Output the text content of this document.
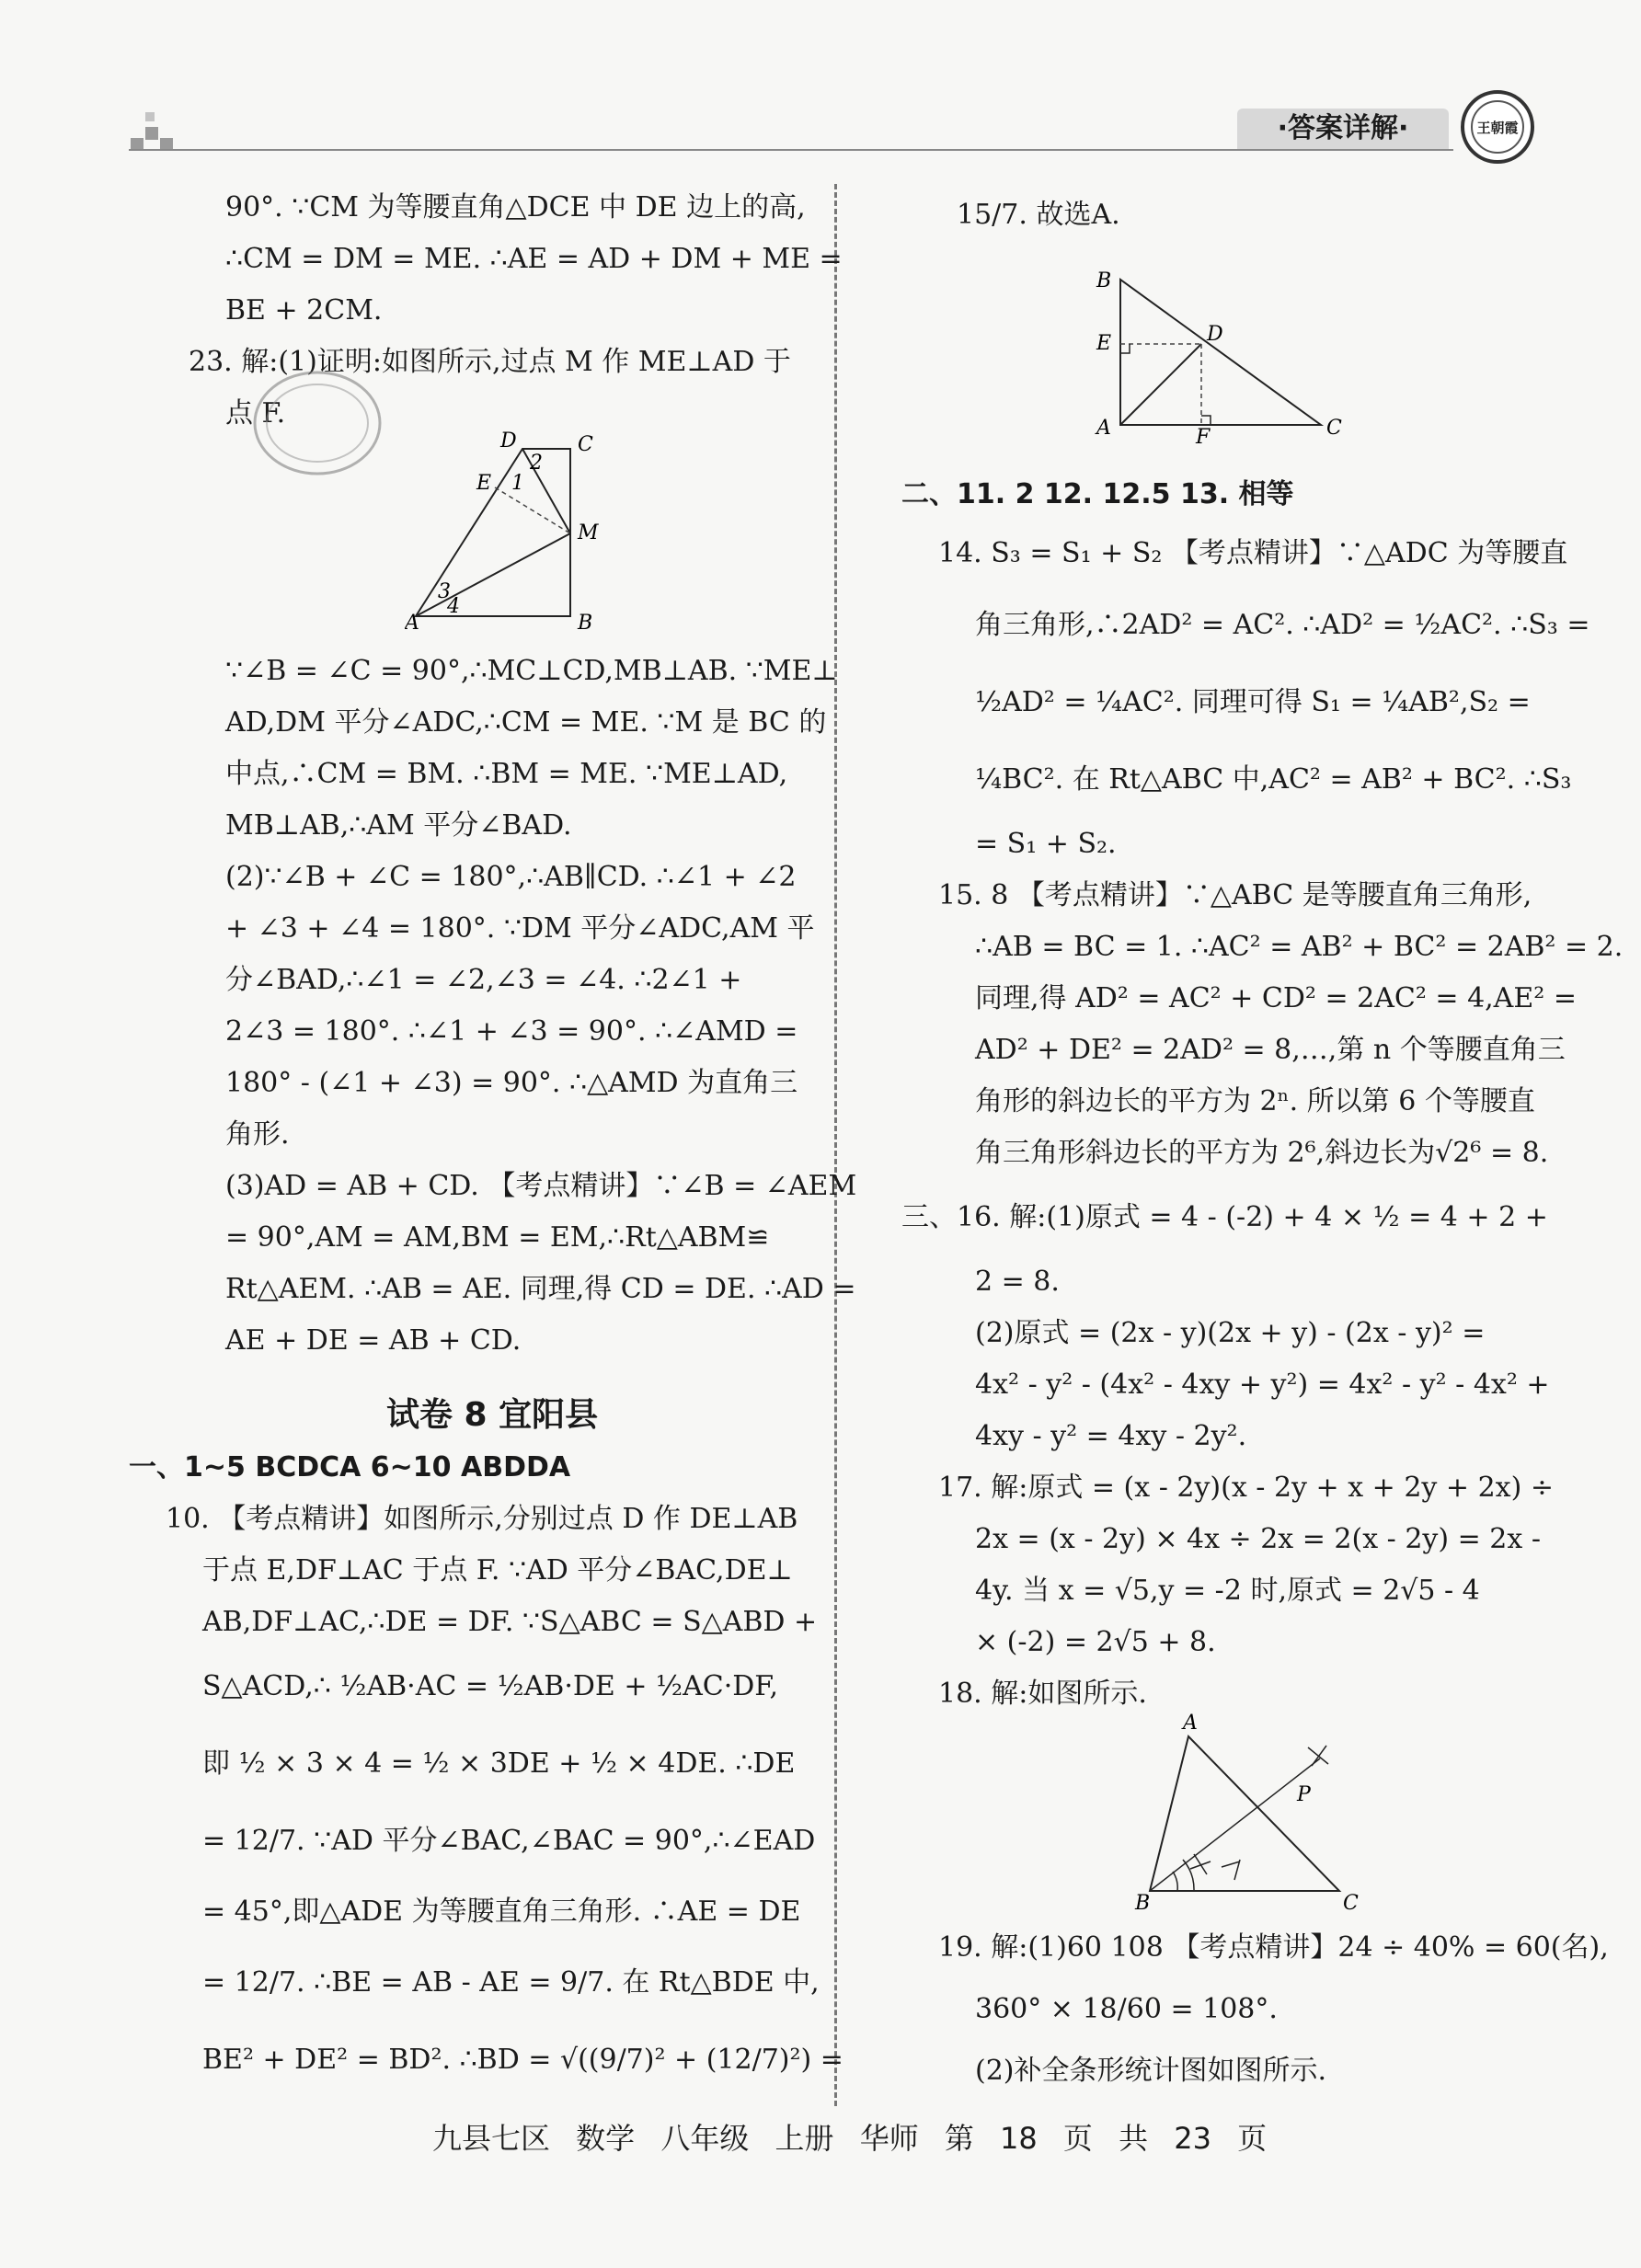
·答案详解·	王朝霞

90°. ∵CM 为等腰直角△DCE 中 DE 边上的高,

∴CM = DM = ME. ∴AE = AD + DM + ME =

BE + 2CM.

23. 解:(1)证明:如图所示,过点 M 作 ME⊥AD 于

点 F.

D	C
E
2
1
M
A	B
3
4

∵∠B = ∠C = 90°,∴MC⊥CD,MB⊥AB. ∵ME⊥

AD,DM 平分∠ADC,∴CM = ME. ∵M 是 BC 的

中点,∴CM = BM. ∴BM = ME. ∵ME⊥AD,

MB⊥AB,∴AM 平分∠BAD.

(2)∵∠B + ∠C = 180°,∴AB∥CD. ∴∠1 + ∠2

+ ∠3 + ∠4 = 180°. ∵DM 平分∠ADC,AM 平

分∠BAD,∴∠1 = ∠2,∠3 = ∠4. ∴2∠1 +

2∠3 = 180°. ∴∠1 + ∠3 = 90°. ∴∠AMD =

180° - (∠1 + ∠3) = 90°. ∴△AMD 为直角三

角形.

(3)AD = AB + CD. 【考点精讲】∵∠B = ∠AEM

= 90°,AM = AM,BM = EM,∴Rt△ABM≌

Rt△AEM. ∴AB = AE. 同理,得 CD = DE. ∴AD =

AE + DE = AB + CD.

试卷 8 宜阳县

一、1~5 BCDCA 6~10 ABDDA

10. 【考点精讲】如图所示,分别过点 D 作 DE⊥AB

于点 E,DF⊥AC 于点 F. ∵AD 平分∠BAC,DE⊥

AB,DF⊥AC,∴DE = DF. ∵S△ABC = S△ABD +

S△ACD,∴ ½AB·AC = ½AB·DE + ½AC·DF,

即 ½ × 3 × 4 = ½ × 3DE + ½ × 4DE. ∴DE

= 12/7. ∵AD 平分∠BAC,∠BAC = 90°,∴∠EAD

= 45°,即△ADE 为等腰直角三角形. ∴AE = DE

= 12/7. ∴BE = AB - AE = 9/7. 在 Rt△BDE 中,

BE² + DE² = BD². ∴BD = √((9/7)² + (12/7)²) =

15/7. 故选A.

B
E	D
A	F	C

二、11. 2 12. 12.5 13. 相等

14. S₃ = S₁ + S₂ 【考点精讲】∵△ADC 为等腰直

角三角形,∴2AD² = AC². ∴AD² = ½AC². ∴S₃ =

½AD² = ¼AC². 同理可得 S₁ = ¼AB²,S₂ =

¼BC². 在 Rt△ABC 中,AC² = AB² + BC². ∴S₃

= S₁ + S₂.

15. 8 【考点精讲】∵△ABC 是等腰直角三角形,

∴AB = BC = 1. ∴AC² = AB² + BC² = 2AB² = 2.

同理,得 AD² = AC² + CD² = 2AC² = 4,AE² =

AD² + DE² = 2AD² = 8,…,第 n 个等腰直角三

角形的斜边长的平方为 2ⁿ. 所以第 6 个等腰直

角三角形斜边长的平方为 2⁶,斜边长为√2⁶ = 8.

三、16. 解:(1)原式 = 4 - (-2) + 4 × ½ = 4 + 2 +

2 = 8.

(2)原式 = (2x - y)(2x + y) - (2x - y)² =

4x² - y² - (4x² - 4xy + y²) = 4x² - y² - 4x² +

4xy - y² = 4xy - 2y².

17. 解:原式 = (x - 2y)(x - 2y + x + 2y + 2x) ÷

2x = (x - 2y) × 4x ÷ 2x = 2(x - 2y) = 2x -

4y. 当 x = √5,y = -2 时,原式 = 2√5 - 4

× (-2) = 2√5 + 8.

18. 解:如图所示.

A
B	C
P

19. 解:(1)60 108 【考点精讲】24 ÷ 40% = 60(名),

360° × 18/60 = 108°.

(2)补全条形统计图如图所示.

九县七区 数学 八年级 上册 华师 第 18 页 共 23 页
